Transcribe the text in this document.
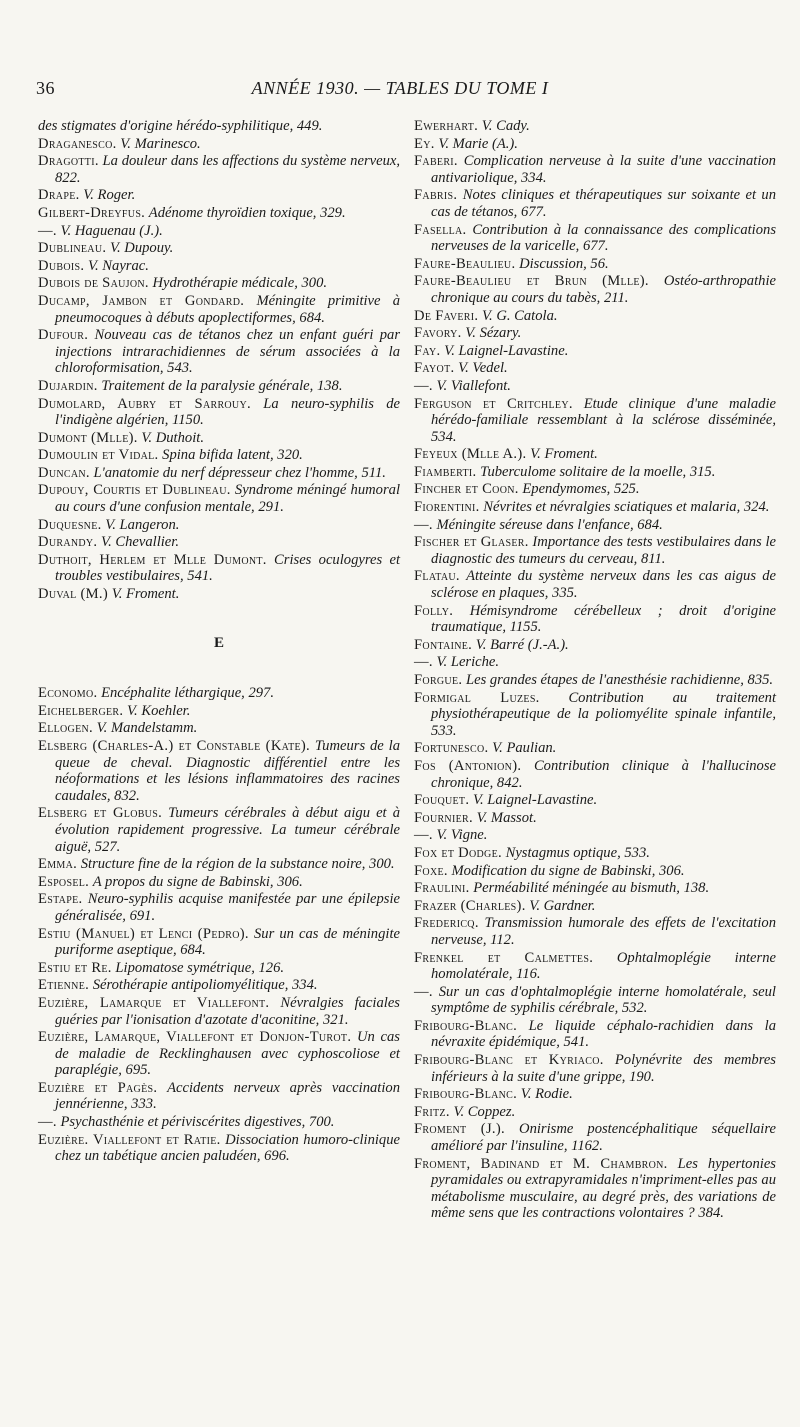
36	ANNÉE 1930. — TABLES DU TOME I

des stigmates d'origine hérédo-syphilitique, 449.

Draganesco. V. Marinesco.

Dragotti. La douleur dans les affections du système nerveux, 822.

Drape. V. Roger.

Gilbert-Dreyfus. Adénome thyroïdien toxique, 329.

—. V. Haguenau (J.).

Dublineau. V. Dupouy.

Dubois. V. Nayrac.

Dubois de Saujon. Hydrothérapie médicale, 300.

Ducamp, Jambon et Gondard. Méningite primitive à pneumocoques à débuts apoplectiformes, 684.

Dufour. Nouveau cas de tétanos chez un enfant guéri par injections intrarachidiennes de sérum associées à la chloroformisation, 543.

Dujardin. Traitement de la paralysie générale, 138.

Dumolard, Aubry et Sarrouy. La neuro-syphilis de l'indigène algérien, 1150.

Dumont (Mlle). V. Duthoit.

Dumoulin et Vidal. Spina bifida latent, 320.

Duncan. L'anatomie du nerf dépresseur chez l'homme, 511.

Dupouy, Courtis et Dublineau. Syndrome méningé humoral au cours d'une confusion mentale, 291.

Duquesne. V. Langeron.

Durandy. V. Chevallier.

Duthoit, Herlem et Mlle Dumont. Crises oculogyres et troubles vestibulaires, 541.

Duval (M.) V. Froment.

E

Economo. Encéphalite léthargique, 297.

Eichelberger. V. Koehler.

Ellogen. V. Mandelstamm.

Elsberg (Charles-A.) et Constable (Kate). Tumeurs de la queue de cheval. Diagnostic différentiel entre les néoformations et les lésions inflammatoires des racines caudales, 832.

Elsberg et Globus. Tumeurs cérébrales à début aigu et à évolution rapidement progressive. La tumeur cérébrale aiguë, 527.

Emma. Structure fine de la région de la substance noire, 300.

Esposel. A propos du signe de Babinski, 306.

Estape. Neuro-syphilis acquise manifestée par une épilepsie généralisée, 691.

Estiu (Manuel) et Lenci (Pedro). Sur un cas de méningite puriforme aseptique, 684.

Estiu et Re. Lipomatose symétrique, 126.

Etienne. Sérothérapie antipoliomyélitique, 334.

Euzière, Lamarque et Viallefont. Névralgies faciales guéries par l'ionisation d'azotate d'aconitine, 321.

Euzière, Lamarque, Viallefont et Donjon-Turot. Un cas de maladie de Recklinghausen avec cyphoscoliose et paraplégie, 695.

Euzière et Pagès. Accidents nerveux après vaccination jennérienne, 333.

—. Psychasthénie et périviscérites digestives, 700.

Euzière. Viallefont et Ratie. Dissociation humoro-clinique chez un tabétique ancien paludéen, 696.

Ewerhart. V. Cady.

Ey. V. Marie (A.).

Faberi. Complication nerveuse à la suite d'une vaccination antivariolique, 334.

Fabris. Notes cliniques et thérapeutiques sur soixante et un cas de tétanos, 677.

Fasella. Contribution à la connaissance des complications nerveuses de la varicelle, 677.

Faure-Beaulieu. Discussion, 56.

Faure-Beaulieu et Brun (Mlle). Ostéo-arthropathie chronique au cours du tabès, 211.

De Faveri. V. G. Catola.

Favory. V. Sézary.

Fay. V. Laignel-Lavastine.

Fayot. V. Vedel.

—. V. Viallefont.

Ferguson et Critchley. Etude clinique d'une maladie hérédo-familiale ressemblant à la sclérose disséminée, 534.

Feyeux (Mlle A.). V. Froment.

Fiamberti. Tuberculome solitaire de la moelle, 315.

Fincher et Coon. Ependymomes, 525.

Fiorentini. Névrites et névralgies sciatiques et malaria, 324.

—. Méningite séreuse dans l'enfance, 684.

Fischer et Glaser. Importance des tests vestibulaires dans le diagnostic des tumeurs du cerveau, 811.

Flatau. Atteinte du système nerveux dans les cas aigus de sclérose en plaques, 335.

Folly. Hémisyndrome cérébelleux ; droit d'origine traumatique, 1155.

Fontaine. V. Barré (J.-A.).

—. V. Leriche.

Forgue. Les grandes étapes de l'anesthésie rachidienne, 835.

Formigal Luzes. Contribution au traitement physiothérapeutique de la poliomyélite spinale infantile, 533.

Fortunesco. V. Paulian.

Fos (Antonion). Contribution clinique à l'hallucinose chronique, 842.

Fouquet. V. Laignel-Lavastine.

Fournier. V. Massot.

—. V. Vigne.

Fox et Dodge. Nystagmus optique, 533.

Foxe. Modification du signe de Babinski, 306.

Fraulini. Perméabilité méningée au bismuth, 138.

Frazer (Charles). V. Gardner.

Fredericq. Transmission humorale des effets de l'excitation nerveuse, 112.

Frenkel et Calmettes. Ophtalmoplégie interne homolatérale, 116.

—. Sur un cas d'ophtalmoplégie interne homolatérale, seul symptôme de syphilis cérébrale, 532.

Fribourg-Blanc. Le liquide céphalo-rachidien dans la névraxite épidémique, 541.

Fribourg-Blanc et Kyriaco. Polynévrite des membres inférieurs à la suite d'une grippe, 190.

Fribourg-Blanc. V. Rodie.

Fritz. V. Coppez.

Froment (J.). Onirisme postencéphalitique séquellaire amélioré par l'insuline, 1162.

Froment, Badinand et M. Chambron. Les hypertonies pyramidales ou extrapyramidales n'impriment-elles pas au métabolisme musculaire, au degré près, des variations de même sens que les contractions volontaires ? 384.
